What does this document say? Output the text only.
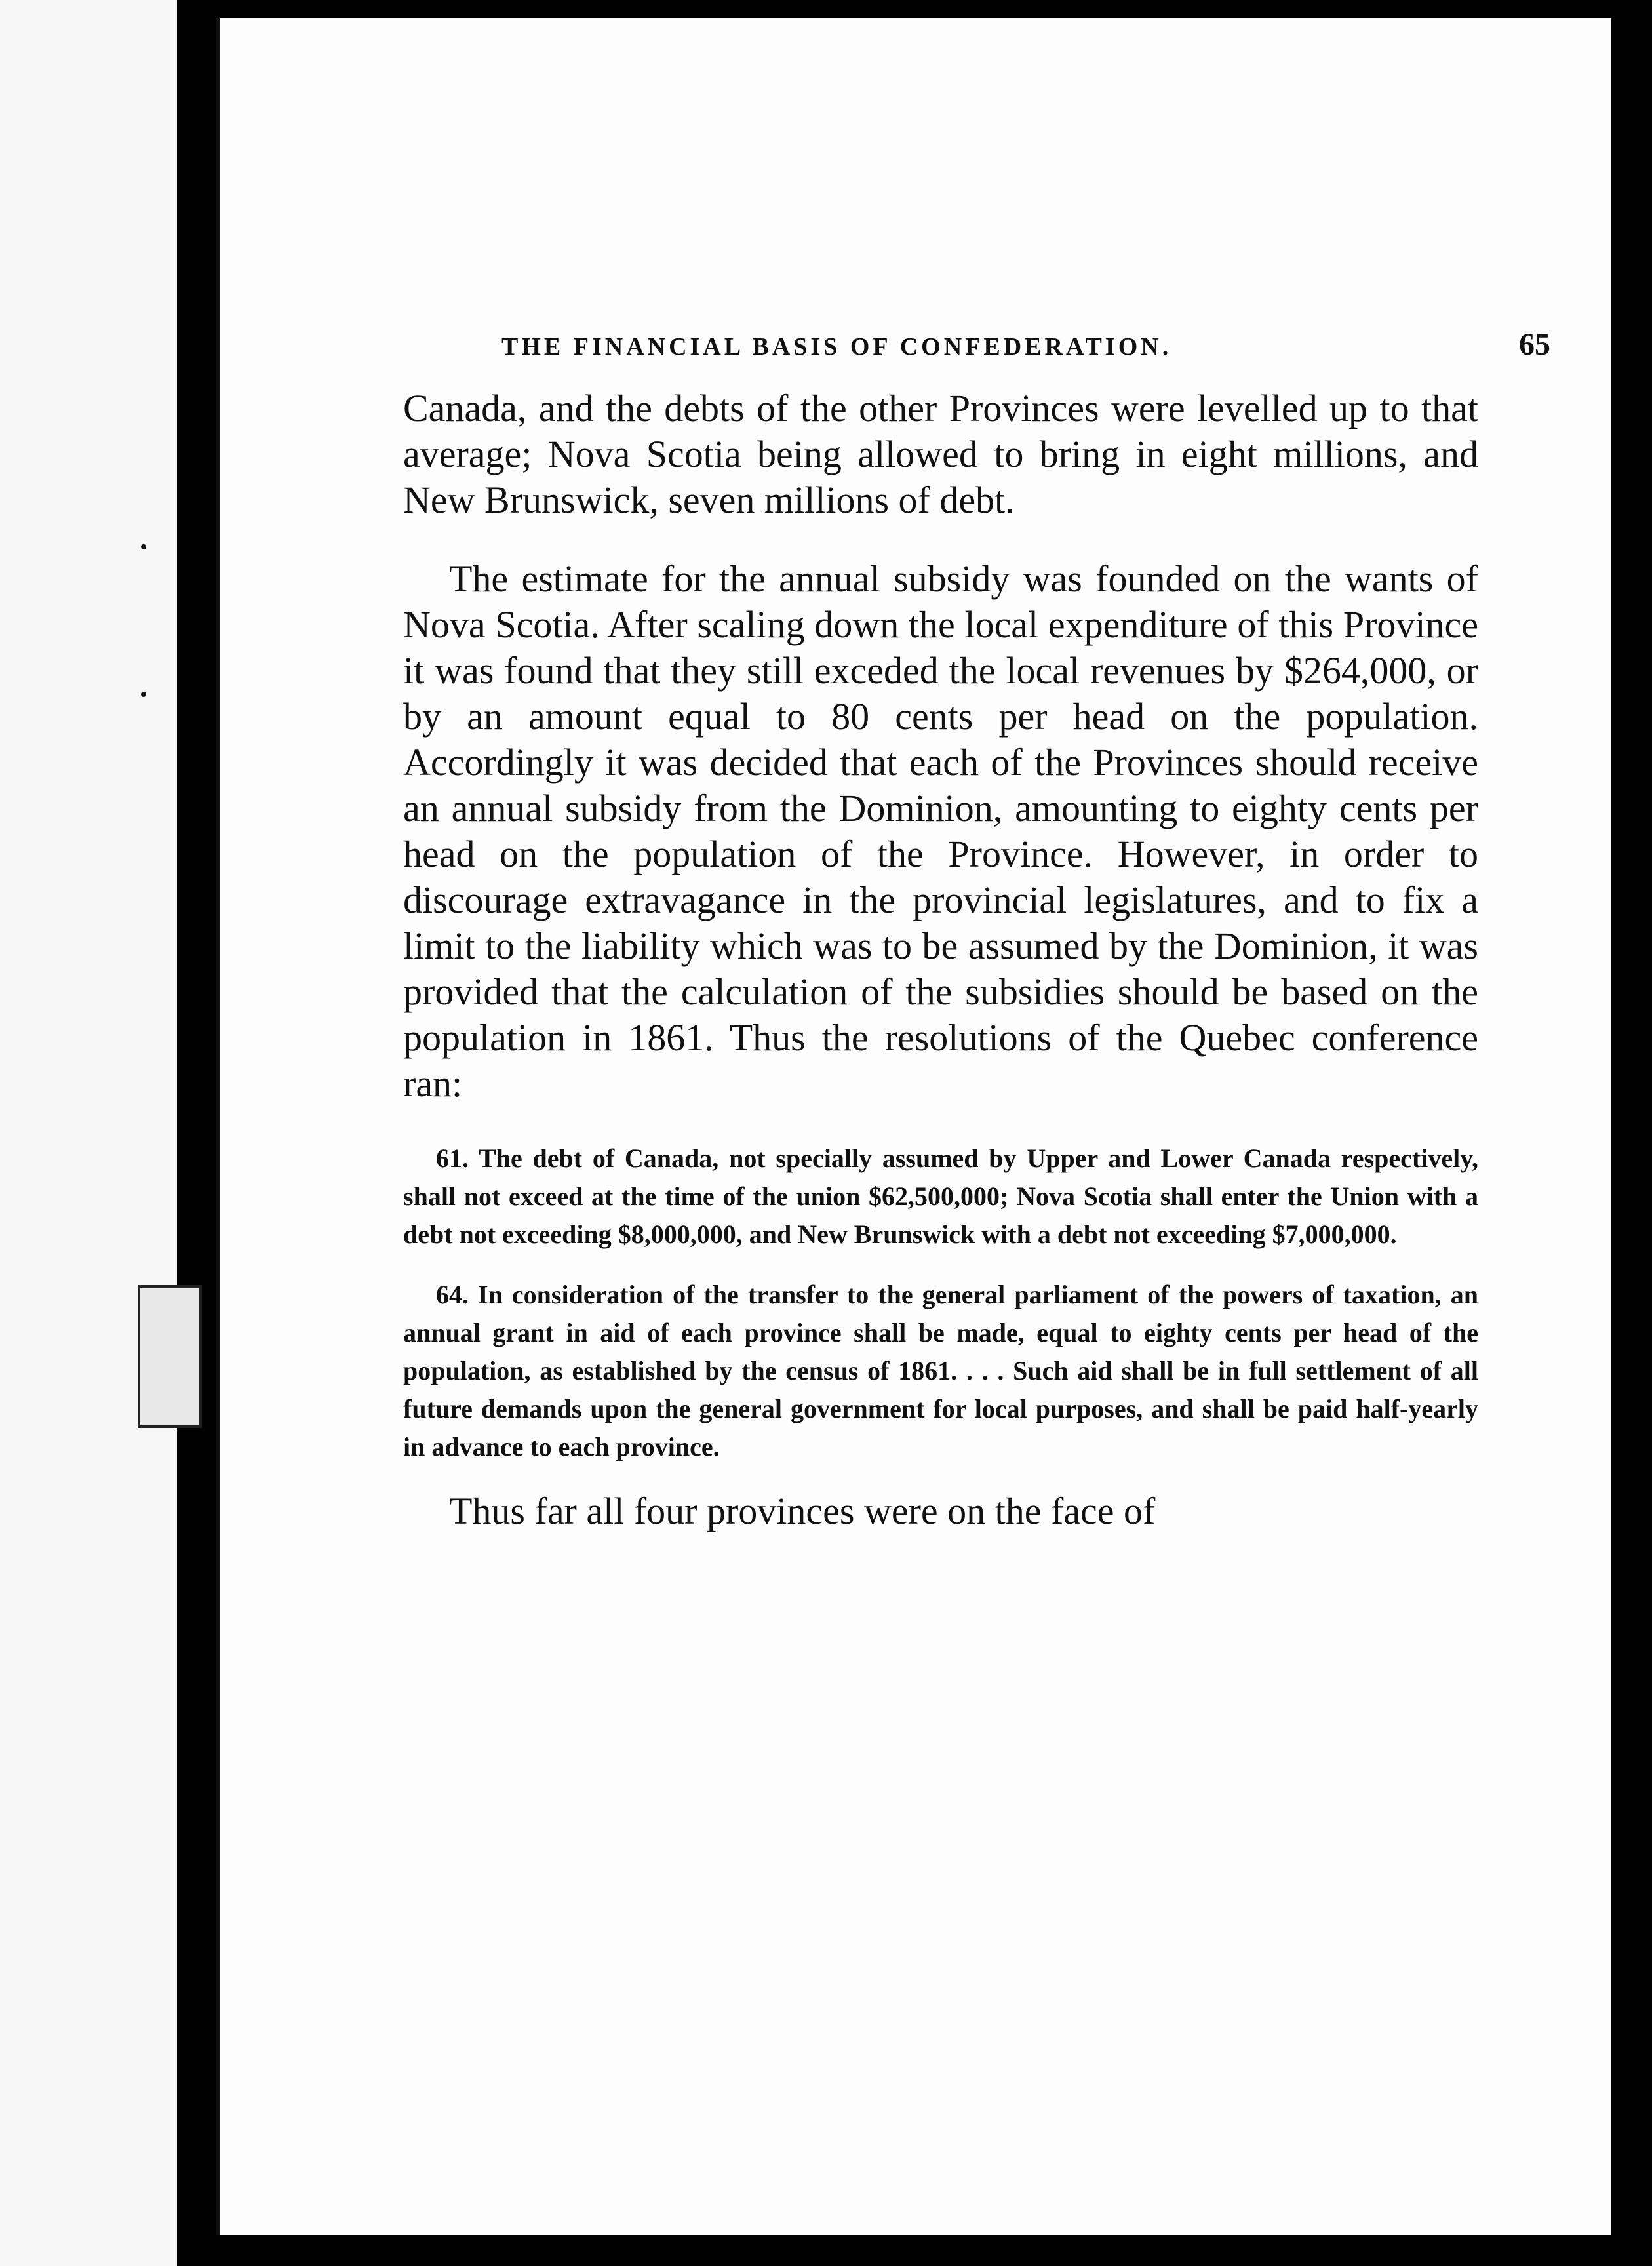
THE FINANCIAL BASIS OF CONFEDERATION.	65

Canada, and the debts of the other Provinces were levelled up to that average; Nova Scotia being allowed to bring in eight millions, and New Brunswick, seven millions of debt.

The estimate for the annual subsidy was founded on the wants of Nova Scotia. After scaling down the local expenditure of this Province it was found that they still exceded the local revenues by $264,000, or by an amount equal to 80 cents per head on the population. Accordingly it was decided that each of the Provinces should receive an annual subsidy from the Dominion, amounting to eighty cents per head on the population of the Province. However, in order to discourage extravagance in the provincial legislatures, and to fix a limit to the liability which was to be assumed by the Dominion, it was provided that the calculation of the subsidies should be based on the population in 1861. Thus the resolutions of the Quebec conference ran:

61. The debt of Canada, not specially assumed by Upper and Lower Canada respectively, shall not exceed at the time of the union $62,500,000; Nova Scotia shall enter the Union with a debt not exceeding $8,000,000, and New Brunswick with a debt not exceeding $7,000,000.

64. In consideration of the transfer to the general parliament of the powers of taxation, an annual grant in aid of each province shall be made, equal to eighty cents per head of the population, as established by the census of 1861. . . . Such aid shall be in full settlement of all future demands upon the general government for local purposes, and shall be paid half-yearly in advance to each province.

Thus far all four provinces were on the face of
